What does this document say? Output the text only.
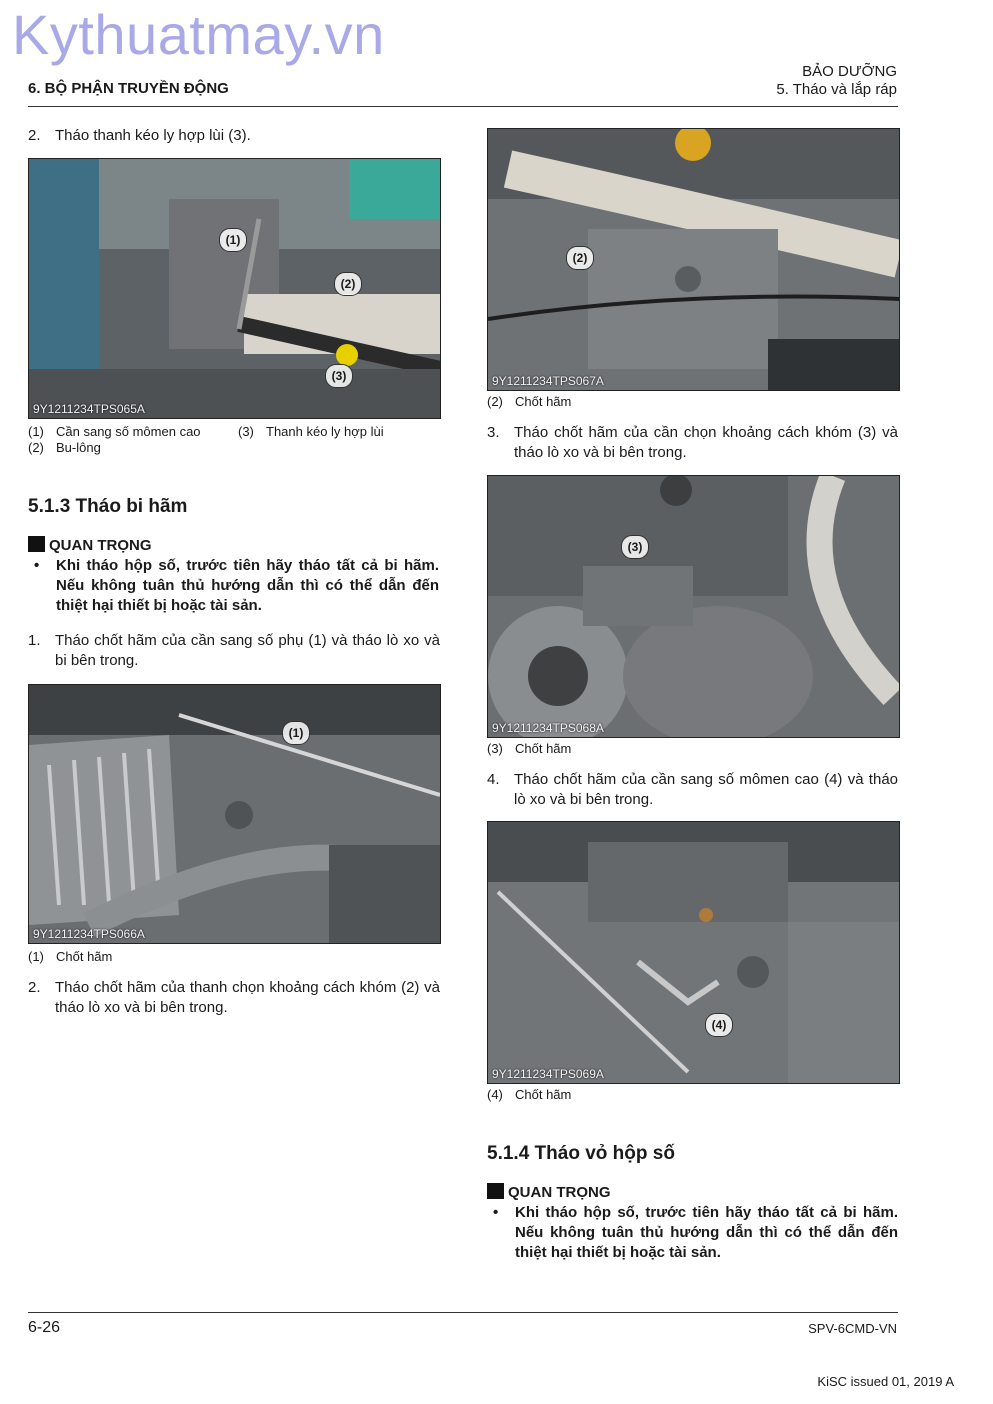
Kythuatmay.vn
6. BỘ PHẬN TRUYỀN ĐỘNG
BẢO DƯỠNG
5. Tháo và lắp ráp
2. Tháo thanh kéo ly hợp lùi (3).
(1)
(2)
(3)
9Y1211234TPS065A
(1) Cần sang số mômen cao	(3) Thanh kéo ly hợp lùi
(2) Bu-lông
5.1.3 Tháo bi hãm
QUAN TRỌNG
• Khi tháo hộp số, trước tiên hãy tháo tất cả bi hãm. Nếu không tuân thủ hướng dẫn thì có thể dẫn đến thiệt hại thiết bị hoặc tài sản.
1. Tháo chốt hãm của cần sang số phụ (1) và tháo lò xo và bi bên trong.
(1)
9Y1211234TPS066A
(1) Chốt hãm
2. Tháo chốt hãm của thanh chọn khoảng cách khóm (2) và tháo lò xo và bi bên trong.
(2)
9Y1211234TPS067A
(2) Chốt hãm
3. Tháo chốt hãm của cần chọn khoảng cách khóm (3) và tháo lò xo và bi bên trong.
(3)
9Y1211234TPS068A
(3) Chốt hãm
4. Tháo chốt hãm của cần sang số mômen cao (4) và tháo lò xo và bi bên trong.
(4)
9Y1211234TPS069A
(4) Chốt hãm
5.1.4 Tháo vỏ hộp số
QUAN TRỌNG
• Khi tháo hộp số, trước tiên hãy tháo tất cả bi hãm. Nếu không tuân thủ hướng dẫn thì có thể dẫn đến thiệt hại thiết bị hoặc tài sản.
6-26	SPV-6CMD-VN
KiSC issued 01, 2019 A
